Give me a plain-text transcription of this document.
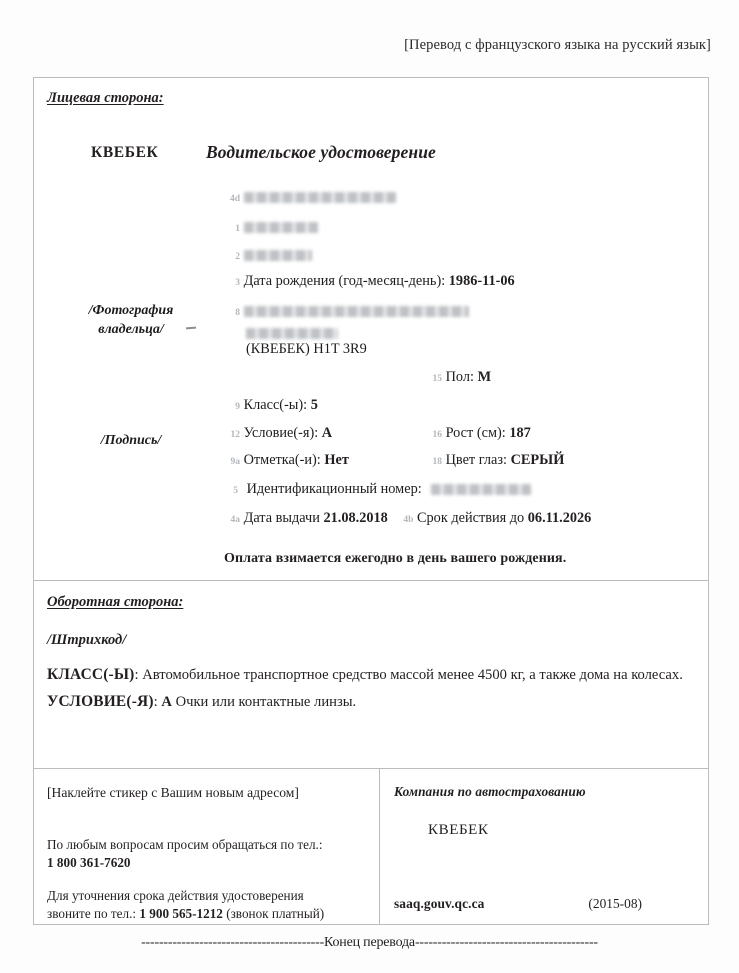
[Перевод с французского языка на русский язык]
Лицевая сторона:
КВЕБЕК	Водительское удостоверение
/Фотография
владельца/
/Подпись/
4d
1
2
3 Дата рождения (год-месяц-день): 1986-11-06
8
(КВЕБЕК) H1T 3R9
15 Пол: M
9 Класс(-ы): 5
12 Условие(-я): A	16 Рост (см): 187
9a Отметка(-и): Нет	18 Цвет глаз: СЕРЫЙ
5 Идентификационный номер:
4a Дата выдачи 21.08.2018 4b Срок действия до 06.11.2026
Оплата взимается ежегодно в день вашего рождения.
Оборотная сторона:
/Штрихкод/

КЛАСС(-Ы): Автомобильное транспортное средство массой менее 4500 кг, а также дома на колесах.

УСЛОВИЕ(-Я): A Очки или контактные линзы.

[Наклейте стикер с Вашим новым адресом]
По любым вопросам просим обращаться по тел.:
1 800 361-7620
Для уточнения срока действия удостоверения
звоните по тел.: 1 900 565-1212 (звонок платный)
Компания по автострахованию
КВЕБЕК
saaq.gouv.qc.ca	(2015-08)
-----------------------------------------Конец перевода-----------------------------------------
